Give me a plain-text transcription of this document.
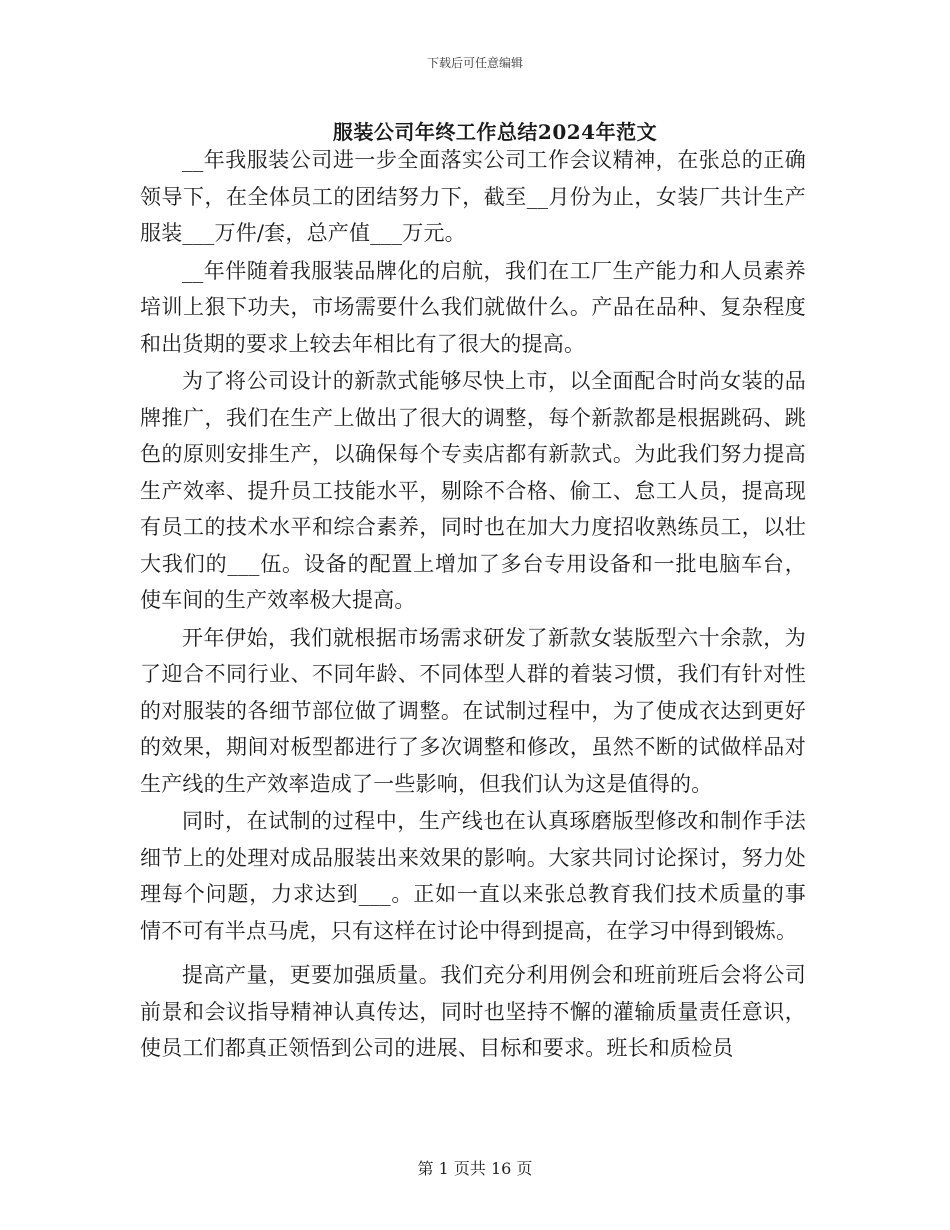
下载后可任意编辑
服装公司年终工作总结2024年范文

__年我服装公司进一步全面落实公司工作会议精神，在张总的正确领导下，在全体员工的团结努力下，截至__月份为止，女装厂共计生产服装___万件/套，总产值___万元。

__年伴随着我服装品牌化的启航，我们在工厂生产能力和人员素养培训上狠下功夫，市场需要什么我们就做什么。产品在品种、复杂程度和出货期的要求上较去年相比有了很大的提高。

为了将公司设计的新款式能够尽快上市，以全面配合时尚女装的品牌推广，我们在生产上做出了很大的调整，每个新款都是根据跳码、跳色的原则安排生产，以确保每个专卖店都有新款式。为此我们努力提高生产效率、提升员工技能水平，剔除不合格、偷工、怠工人员，提高现有员工的技术水平和综合素养，同时也在加大力度招收熟练员工，以壮大我们的___伍。设备的配置上增加了多台专用设备和一批电脑车台，使车间的生产效率极大提高。

开年伊始，我们就根据市场需求研发了新款女装版型六十余款，为了迎合不同行业、不同年龄、不同体型人群的着装习惯，我们有针对性的对服装的各细节部位做了调整。在试制过程中，为了使成衣达到更好的效果，期间对板型都进行了多次调整和修改，虽然不断的试做样品对生产线的生产效率造成了一些影响，但我们认为这是值得的。

同时，在试制的过程中，生产线也在认真琢磨版型修改和制作手法细节上的处理对成品服装出来效果的影响。大家共同讨论探讨，努力处理每个问题，力求达到___。正如一直以来张总教育我们技术质量的事情不可有半点马虎，只有这样在讨论中得到提高，在学习中得到锻炼。

提高产量，更要加强质量。我们充分利用例会和班前班后会将公司前景和会议指导精神认真传达，同时也坚持不懈的灌输质量责任意识，使员工们都真正领悟到公司的进展、目标和要求。班长和质检员

第 1 页共 16 页
